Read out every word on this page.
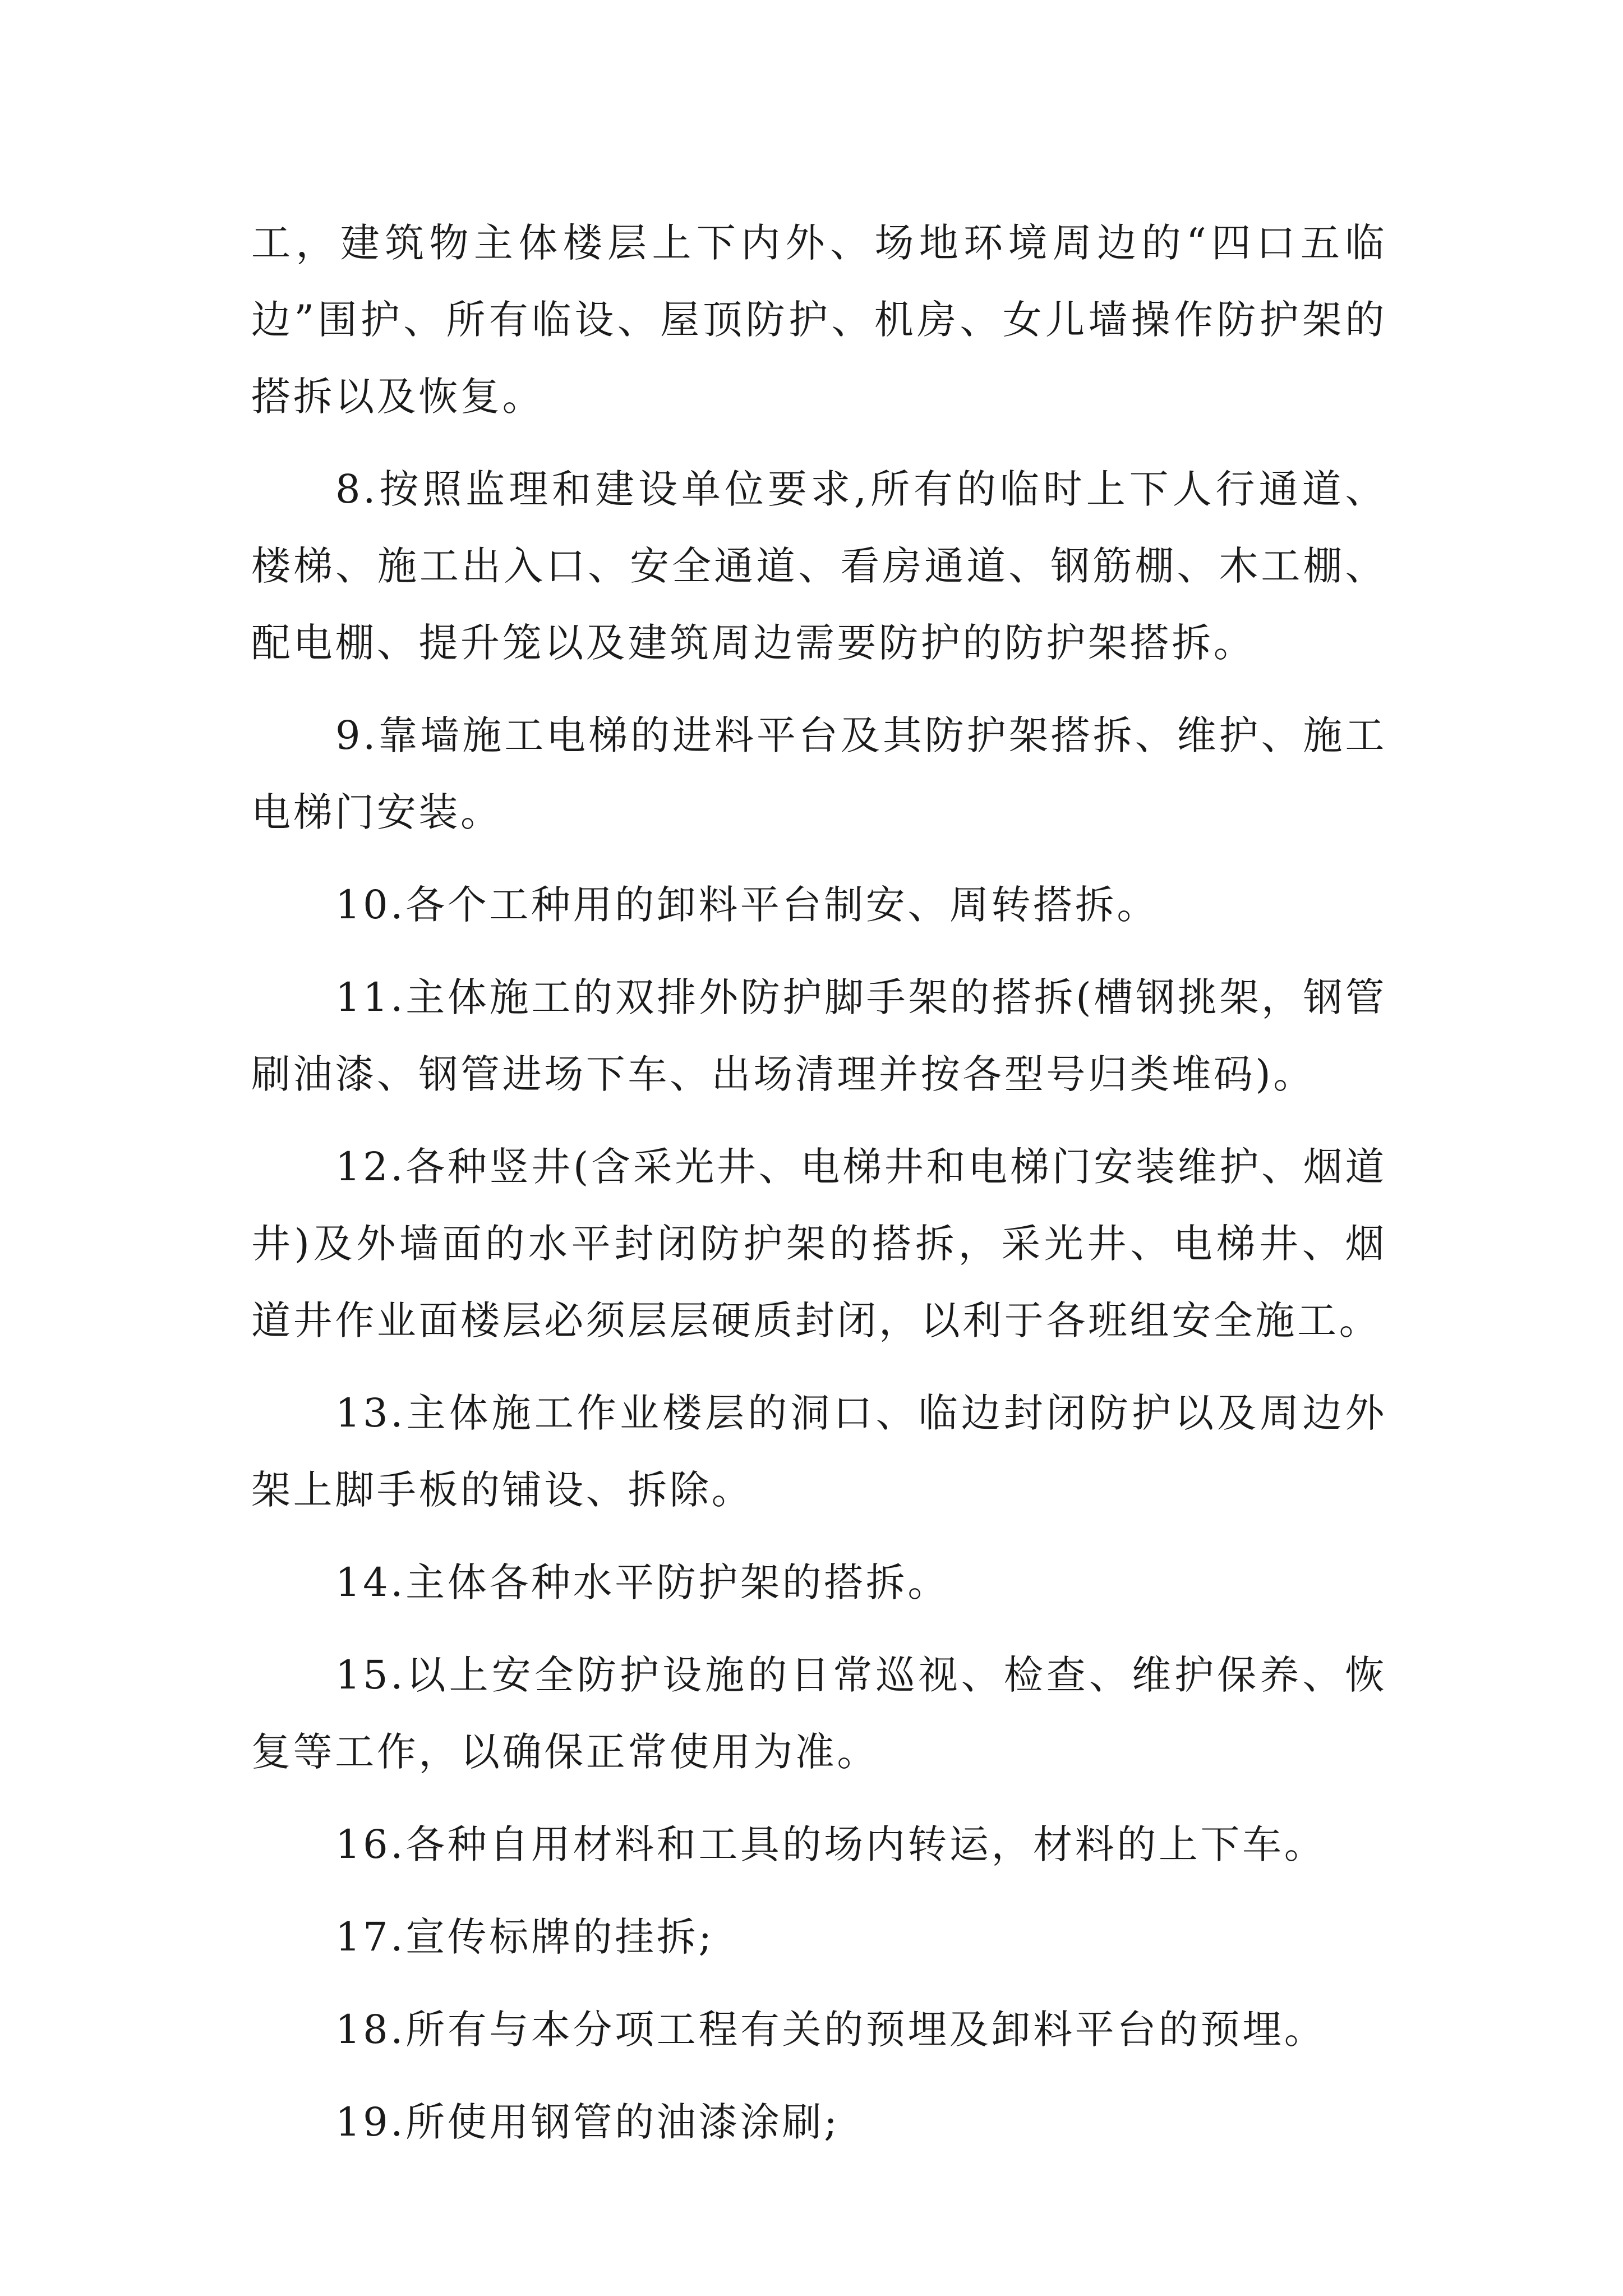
工，建筑物主体楼层上下内外、场地环境周边的“四口五临边”围护、所有临设、屋顶防护、机房、女儿墙操作防护架的搭拆以及恢复。

8.按照监理和建设单位要求,所有的临时上下人行通道、楼梯、施工出入口、安全通道、看房通道、钢筋棚、木工棚、配电棚、提升笼以及建筑周边需要防护的防护架搭拆。

9.靠墙施工电梯的进料平台及其防护架搭拆、维护、施工电梯门安装。

10.各个工种用的卸料平台制安、周转搭拆。

11.主体施工的双排外防护脚手架的搭拆(槽钢挑架，钢管刷油漆、钢管进场下车、出场清理并按各型号归类堆码)。

12.各种竖井(含采光井、电梯井和电梯门安装维护、烟道井)及外墙面的水平封闭防护架的搭拆，采光井、电梯井、烟道井作业面楼层必须层层硬质封闭，以利于各班组安全施工。

13.主体施工作业楼层的洞口、临边封闭防护以及周边外架上脚手板的铺设、拆除。

14.主体各种水平防护架的搭拆。

15.以上安全防护设施的日常巡视、检查、维护保养、恢复等工作，以确保正常使用为准。

16.各种自用材料和工具的场内转运，材料的上下车。

17.宣传标牌的挂拆;

18.所有与本分项工程有关的预埋及卸料平台的预埋。

19.所使用钢管的油漆涂刷;
